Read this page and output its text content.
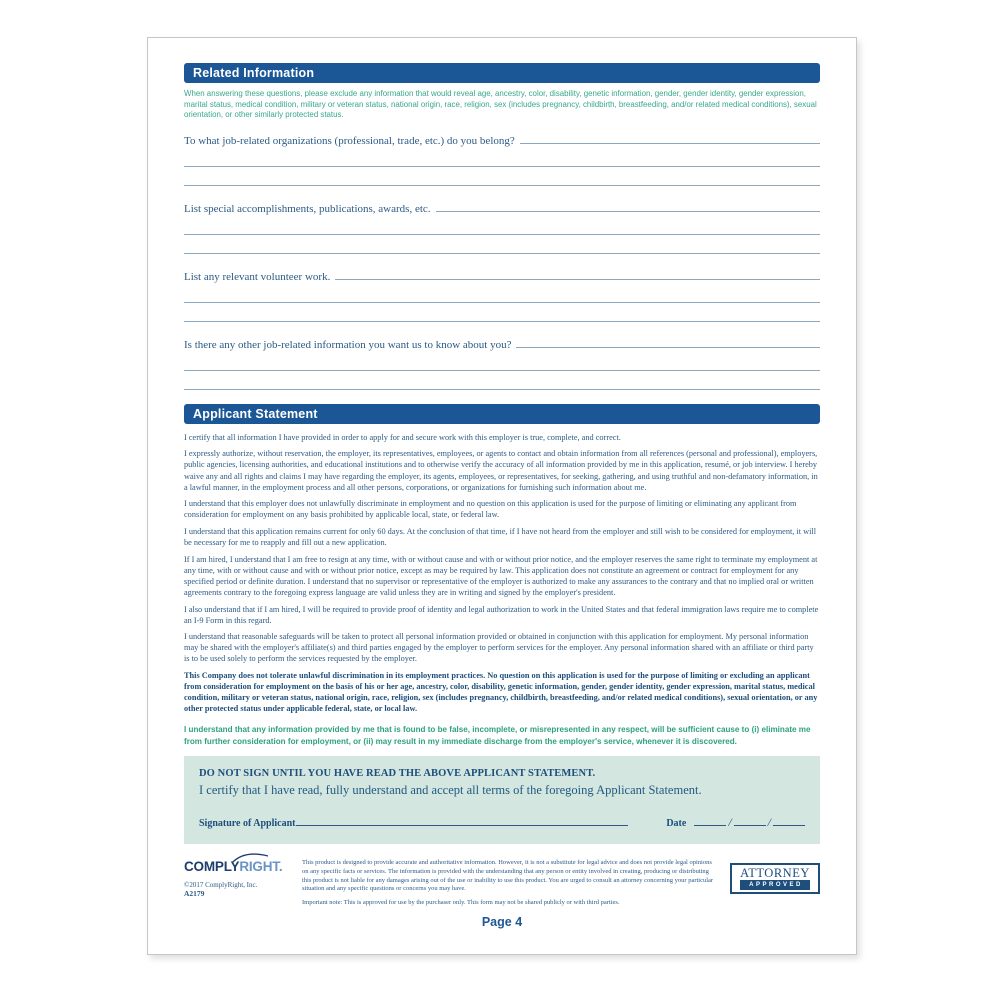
Related Information
When answering these questions, please exclude any information that would reveal age, ancestry, color, disability, genetic information, gender, gender identity, gender expression, marital status, medical condition, military or veteran status, national origin, race, religion, sex (includes pregnancy, childbirth, breastfeeding, and/or related medical conditions), sexual orientation, or other similarly protected status.
To what job-related organizations (professional, trade, etc.) do you belong?
List special accomplishments, publications, awards, etc.
List any relevant volunteer work.
Is there any other job-related information you want us to know about you?
Applicant Statement

I certify that all information I have provided in order to apply for and secure work with this employer is true, complete, and correct.

I expressly authorize, without reservation, the employer, its representatives, employees, or agents to contact and obtain information from all references (personal and professional), employers, public agencies, licensing authorities, and educational institutions and to otherwise verify the accuracy of all information provided by me in this application, resumé, or job interview. I hereby waive any and all rights and claims I may have regarding the employer, its agents, employees, or representatives, for seeking, gathering, and using truthful and non-defamatory information, in a lawful manner, in the employment process and all other persons, corporations, or organizations for furnishing such information about me.

I understand that this employer does not unlawfully discriminate in employment and no question on this application is used for the purpose of limiting or eliminating any applicant from consideration for employment on any basis prohibited by applicable local, state, or federal law.

I understand that this application remains current for only 60 days. At the conclusion of that time, if I have not heard from the employer and still wish to be considered for employment, it will be necessary for me to reapply and fill out a new application.

If I am hired, I understand that I am free to resign at any time, with or without cause and with or without prior notice, and the employer reserves the same right to terminate my employment at any time, with or without cause and with or without prior notice, except as may be required by law. This application does not constitute an agreement or contract for employment for any specified period or definite duration. I understand that no supervisor or representative of the employer is authorized to make any assurances to the contrary and that no implied oral or written agreements contrary to the foregoing express language are valid unless they are in writing and signed by the employer's president.

I also understand that if I am hired, I will be required to provide proof of identity and legal authorization to work in the United States and that federal immigration laws require me to complete an I-9 Form in this regard.

I understand that reasonable safeguards will be taken to protect all personal information provided or obtained in conjunction with this application for employment. My personal information may be shared with the employer's affiliate(s) and third parties engaged by the employer to perform services for the employer. Any personal information shared with an affiliate or third party is to be used solely to perform the services requested by the employer.

This Company does not tolerate unlawful discrimination in its employment practices. No question on this application is used for the purpose of limiting or excluding an applicant from consideration for employment on the basis of his or her age, ancestry, color, disability, genetic information, gender, gender identity, gender expression, marital status, medical condition, military or veteran status, national origin, race, religion, sex (includes pregnancy, childbirth, breastfeeding, and/or related medical conditions), sexual orientation, or any other protected status under applicable federal, state, or local law.

I understand that any information provided by me that is found to be false, incomplete, or misrepresented in any respect, will be sufficient cause to (i) eliminate me from further consideration for employment, or (ii) may result in my immediate discharge from the employer's service, whenever it is discovered.

DO NOT SIGN UNTIL YOU HAVE READ THE ABOVE APPLICANT STATEMENT.
I certify that I have read, fully understand and accept all terms of the foregoing Applicant Statement.
Signature of Applicant	Date	/	/
COMPLYRIGHT.
©2017 ComplyRight, Inc.
A2179
This product is designed to provide accurate and authoritative information. However, it is not a substitute for legal advice and does not provide legal opinions on any specific facts or services. The information is provided with the understanding that any person or entity involved in creating, producing or distributing this product is not liable for any damages arising out of the use or inability to use this product. You are urged to consult an attorney concerning your particular situation and any specific questions or concerns you may have.
Important note: This is approved for use by the purchaser only. This form may not be shared publicly or with third parties.
ATTORNEY
APPROVED
Page 4
